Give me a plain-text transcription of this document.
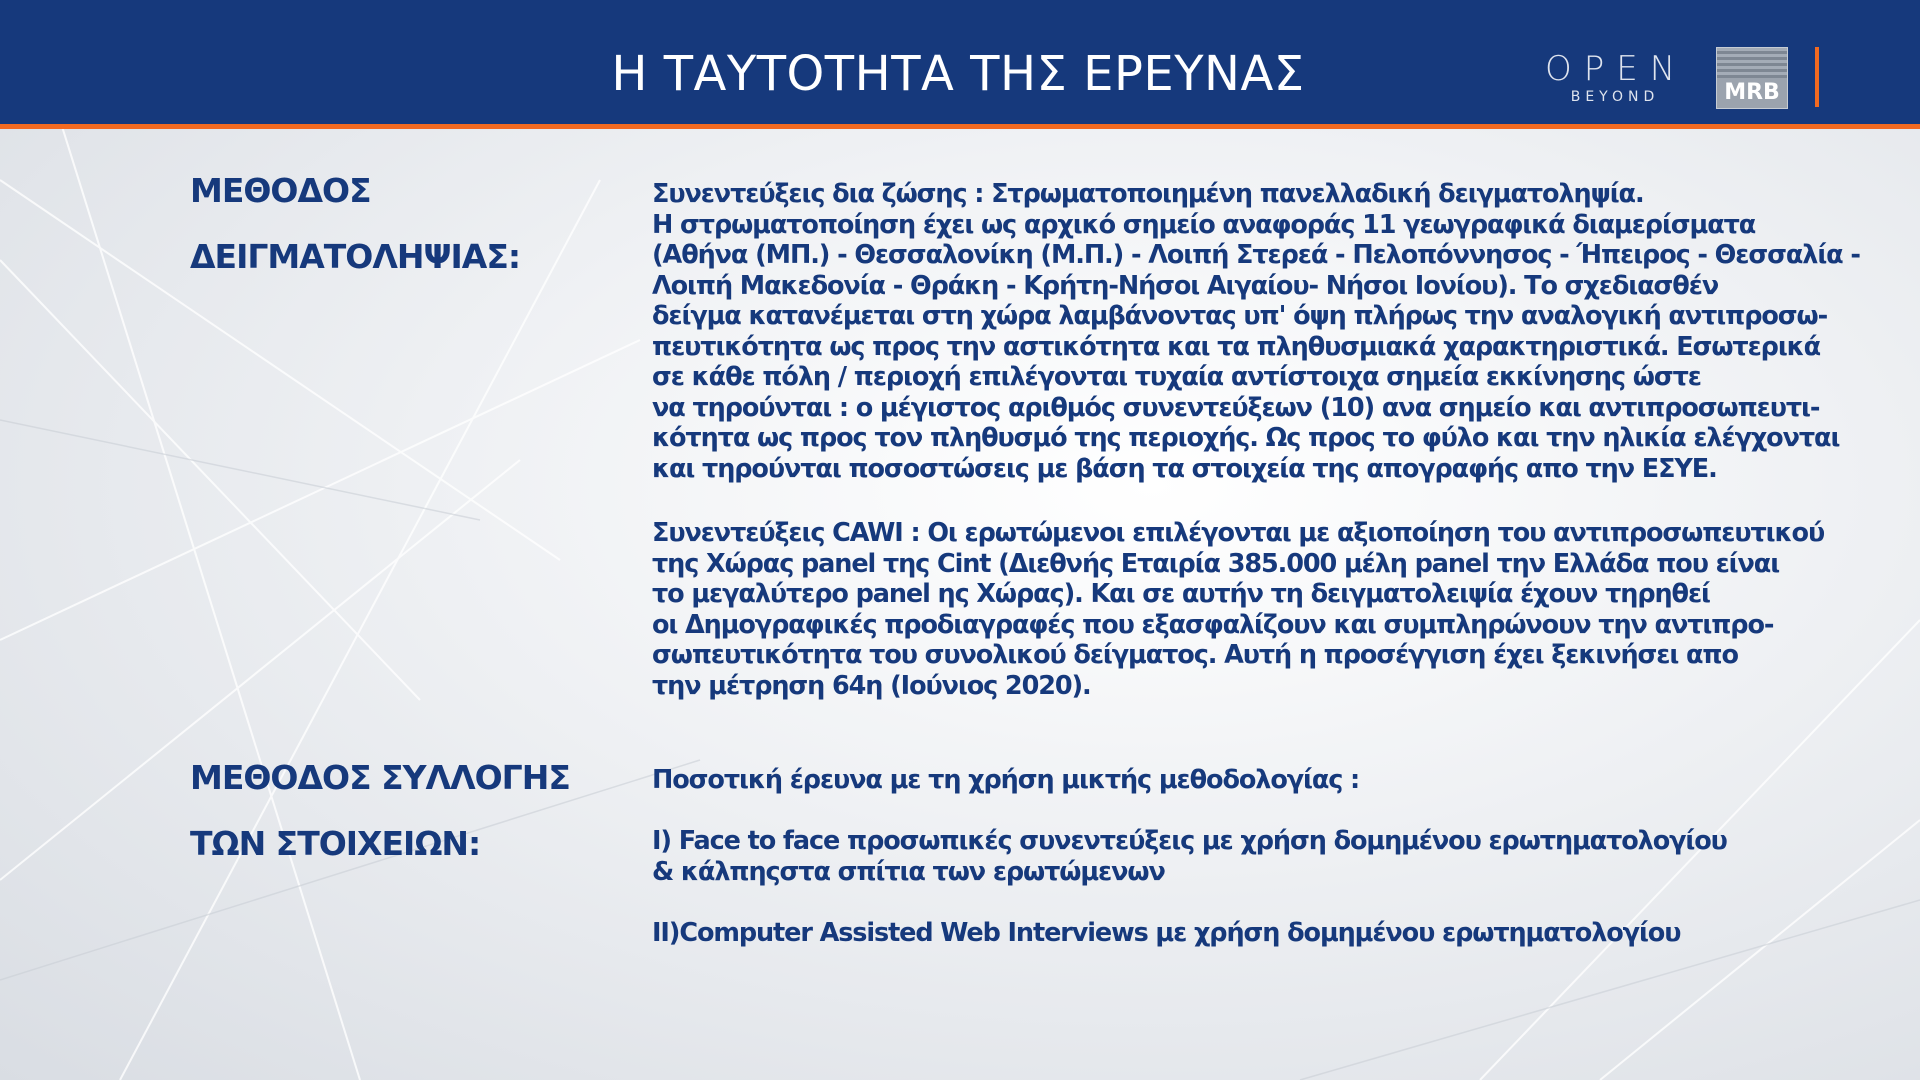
Η ΤΑΥΤΟΤΗΤΑ ΤΗΣ ΕΡΕΥΝΑΣ	OPEN
BEYOND	MRB
ΜΕΘΟΔΟΣ
ΔΕΙΓΜΑΤΟΛΗΨΙΑΣ:
Συνεντεύξεις δια ζώσης : Στρωματοποιημένη πανελλαδική δειγματοληψία.
Η στρωματοποίηση έχει ως αρχικό σημείο αναφοράς 11 γεωγραφικά διαμερίσματα
(Αθήνα (ΜΠ.) - Θεσσαλονίκη (Μ.Π.) - Λοιπή Στερεά - Πελοπόννησος - Ήπειρος - Θεσσαλία -
Λοιπή Μακεδονία - Θράκη - Κρήτη-Νήσοι Αιγαίου- Νήσοι Ιονίου). Το σχεδιασθέν
δείγμα κατανέμεται στη χώρα λαμβάνοντας υπ' όψη πλήρως την αναλογική αντιπροσω-
πευτικότητα ως προς την αστικότητα και τα πληθυσμιακά χαρακτηριστικά. Εσωτερικά
σε κάθε πόλη / περιοχή επιλέγονται τυχαία αντίστοιχα σημεία εκκίνησης ώστε
να τηρούνται : ο μέγιστος αριθμός συνεντεύξεων (10) ανα σημείο και αντιπροσωπευτι-
κότητα ως προς τον πληθυσμό της περιοχής. Ως προς το φύλο και την ηλικία ελέγχονται
και τηρούνται ποσοστώσεις με βάση τα στοιχεία της απογραφής απο την ΕΣΥΕ.
Συνεντεύξεις CAWI : Οι ερωτώμενοι επιλέγονται με αξιοποίηση του αντιπροσωπευτικού
της Χώρας panel της Cint (Διεθνής Εταιρία 385.000 μέλη panel την Ελλάδα που είναι
το μεγαλύτερο panel ης Χώρας). Και σε αυτήν τη δειγματολειψία έχουν τηρηθεί
οι Δημογραφικές προδιαγραφές που εξασφαλίζουν και συμπληρώνουν την αντιπρο-
σωπευτικότητα του συνολικού δείγματος. Αυτή η προσέγγιση έχει ξεκινήσει απο
την μέτρηση 64η (Ιούνιος 2020).
ΜΕΘΟΔΟΣ ΣΥΛΛΟΓΗΣ
ΤΩΝ ΣΤΟΙΧΕΙΩΝ:
Ποσοτική έρευνα με τη χρήση μικτής μεθοδολογίας :
I) Face to face προσωπικές συνεντεύξεις με χρήση δομημένου ερωτηματολογίου
& κάλπηςστα σπίτια των ερωτώμενων
II)Computer Assisted Web Interviews με χρήση δομημένου ερωτηματολογίου
